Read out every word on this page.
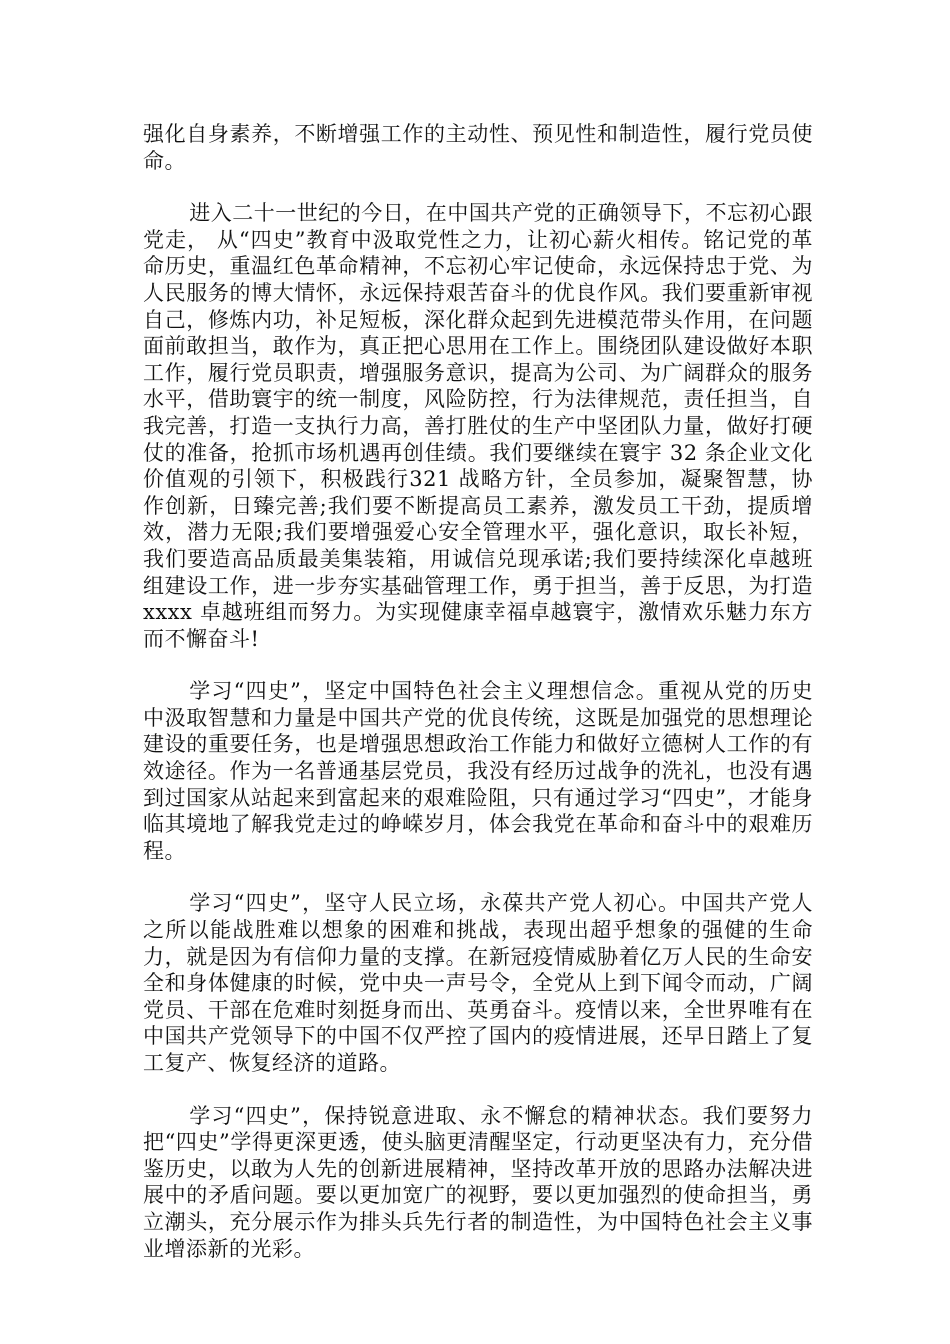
强化自身素养，不断增强工作的主动性、预见性和制造性，履行党员使命。

进入二十一世纪的今日，在中国共产党的正确领导下，不忘初心跟党走， 从“四史”教育中汲取党性之力，让初心薪火相传。铭记党的革命历史，重温红色革命精神，不忘初心牢记使命，永远保持忠于党、为人民服务的博大情怀，永远保持艰苦奋斗的优良作风。我们要重新审视自己，修炼内功，补足短板，深化群众起到先进模范带头作用，在问题面前敢担当，敢作为，真正把心思用在工作上。围绕团队建设做好本职工作，履行党员职责，增强服务意识，提高为公司、为广阔群众的服务水平，借助寰宇的统一制度，风险防控，行为法律规范，责任担当，自我完善，打造一支执行力高，善打胜仗的生产中坚团队力量，做好打硬仗的准备，抢抓市场机遇再创佳绩。我们要继续在寰宇 32 条企业文化价值观的引领下，积极践行321 战略方针，全员参加，凝聚智慧，协作创新，日臻完善;我们要不断提高员工素养，激发员工干劲，提质增效，潜力无限;我们要增强爱心安全管理水平，强化意识，取长补短，我们要造高品质最美集装箱，用诚信兑现承诺;我们要持续深化卓越班组建设工作，进一步夯实基础管理工作，勇于担当，善于反思，为打造 xxxx 卓越班组而努力。为实现健康幸福卓越寰宇，激情欢乐魅力东方而不懈奋斗!

学习“四史”，坚定中国特色社会主义理想信念。重视从党的历史中汲取智慧和力量是中国共产党的优良传统，这既是加强党的思想理论建设的重要任务，也是增强思想政治工作能力和做好立德树人工作的有效途径。作为一名普通基层党员，我没有经历过战争的洗礼，也没有遇到过国家从站起来到富起来的艰难险阻，只有通过学习“四史”，才能身临其境地了解我党走过的峥嵘岁月，体会我党在革命和奋斗中的艰难历程。

学习“四史”，坚守人民立场，永葆共产党人初心。中国共产党人之所以能战胜难以想象的困难和挑战，表现出超乎想象的强健的生命力，就是因为有信仰力量的支撑。在新冠疫情威胁着亿万人民的生命安全和身体健康的时候，党中央一声号令，全党从上到下闻令而动，广阔党员、干部在危难时刻挺身而出、英勇奋斗。疫情以来，全世界唯有在中国共产党领导下的中国不仅严控了国内的疫情进展，还早日踏上了复工复产、恢复经济的道路。

学习“四史”，保持锐意进取、永不懈怠的精神状态。我们要努力把“四史”学得更深更透，使头脑更清醒坚定，行动更坚决有力，充分借鉴历史，以敢为人先的创新进展精神，坚持改革开放的思路办法解决进展中的矛盾问题。要以更加宽广的视野，要以更加强烈的使命担当，勇立潮头，充分展示作为排头兵先行者的制造性，为中国特色社会主义事业增添新的光彩。
